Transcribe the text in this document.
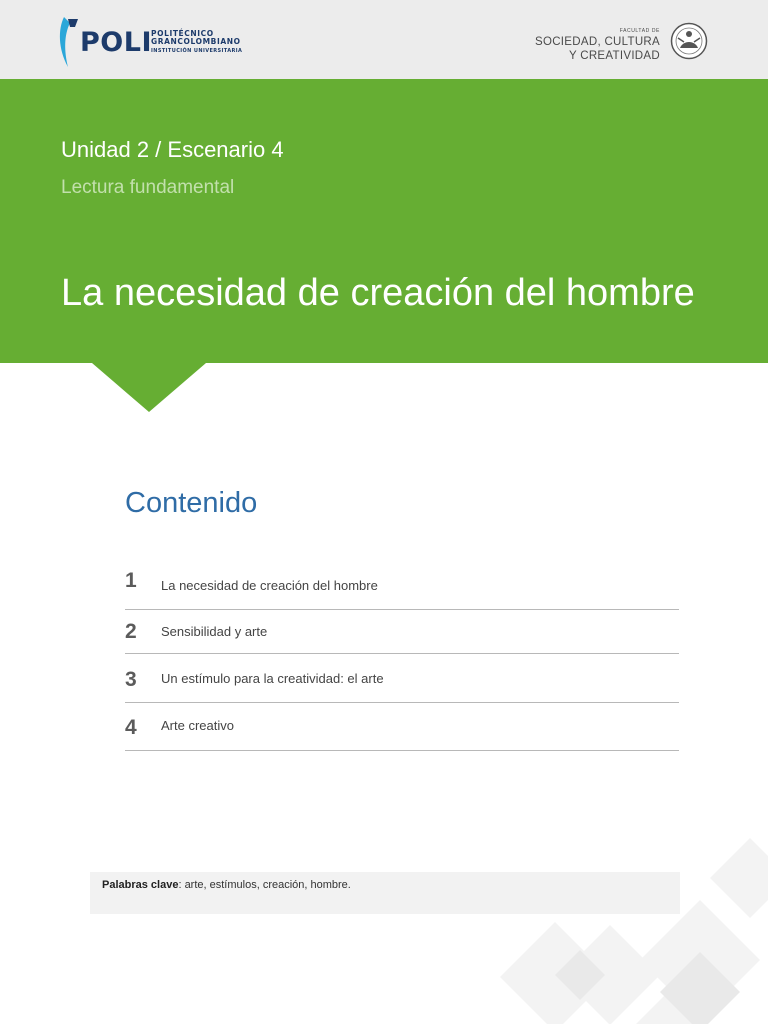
POLI POLITÉCNICO
GRANCOLOMBIANO
INSTITUCIÓN UNIVERSITARIA
FACULTAD DE
SOCIEDAD, CULTURA
Y CREATIVIDAD
Unidad 2 / Escenario 4
Lectura fundamental
La necesidad de creación del hombre
Contenido
1 La necesidad de creación del hombre
2 Sensibilidad y arte
3 Un estímulo para la creatividad: el arte
4 Arte creativo
Palabras clave: arte, estímulos, creación, hombre.
